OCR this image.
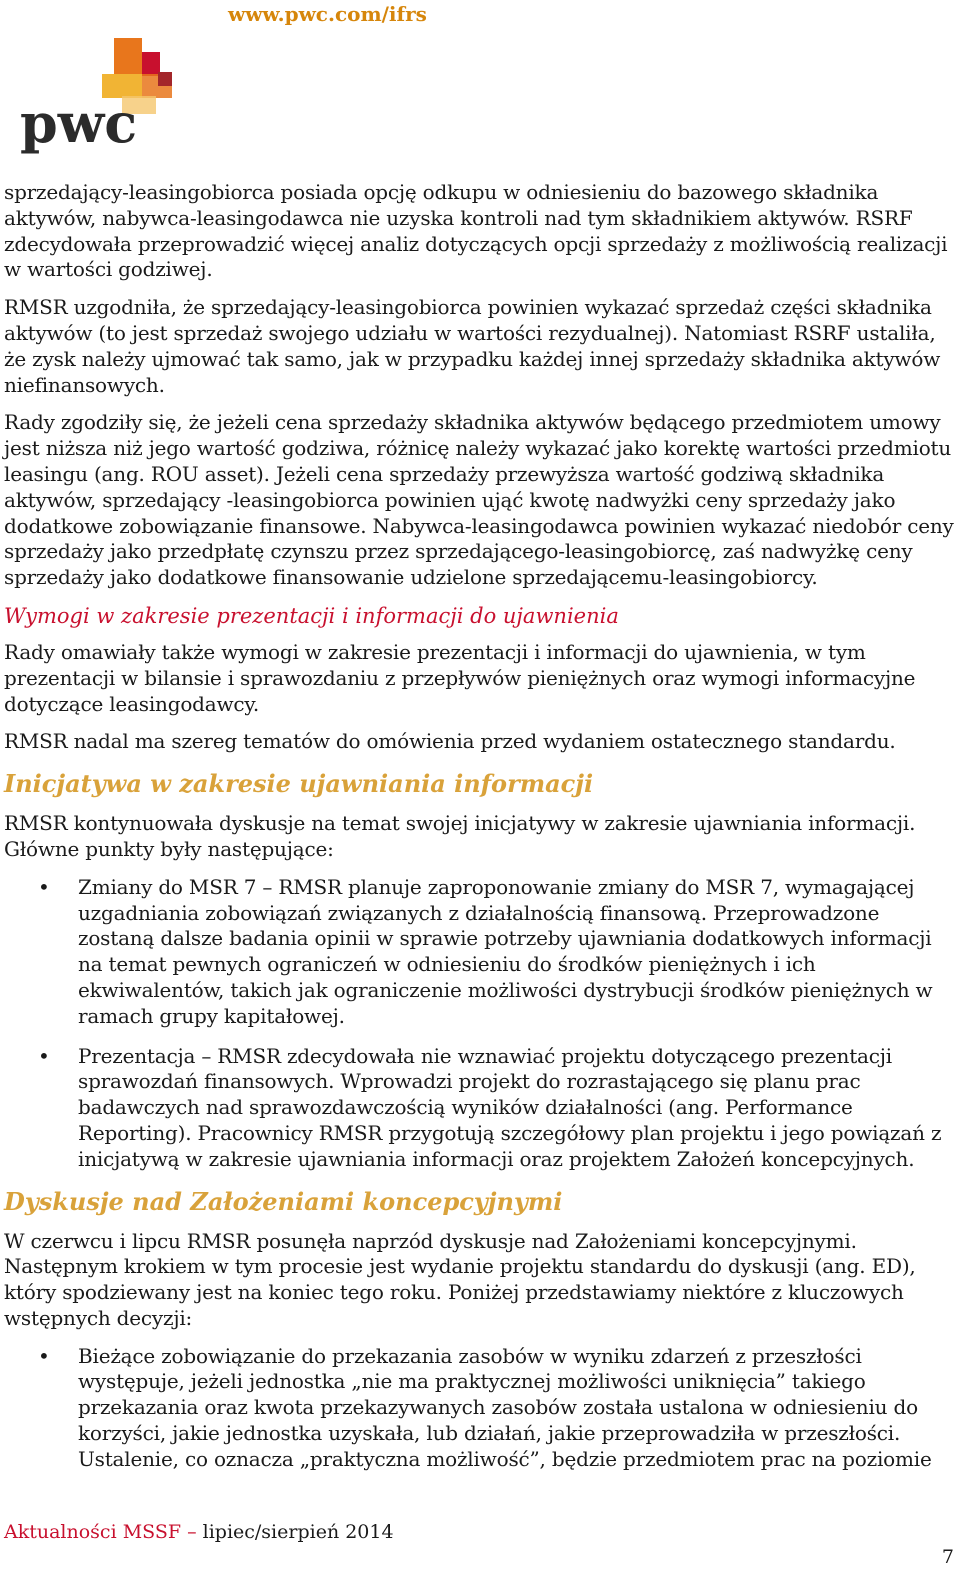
www.pwc.com/ifrs
pwc

sprzedający-leasingobiorca posiada opcję odkupu w odniesieniu do bazowego składnika aktywów, nabywca-leasingodawca nie uzyska kontroli nad tym składnikiem aktywów. RSRF zdecydowała przeprowadzić więcej analiz dotyczących opcji sprzedaży z możliwością realizacji w wartości godziwej.

RMSR uzgodniła, że sprzedający-leasingobiorca powinien wykazać sprzedaż części składnika aktywów (to jest sprzedaż swojego udziału w wartości rezydualnej). Natomiast RSRF ustaliła, że zysk należy ujmować tak samo, jak w przypadku każdej innej sprzedaży składnika aktywów niefinansowych.

Rady zgodziły się, że jeżeli cena sprzedaży składnika aktywów będącego przedmiotem umowy jest niższa niż jego wartość godziwa, różnicę należy wykazać jako korektę wartości przedmiotu leasingu (ang. ROU asset). Jeżeli cena sprzedaży przewyższa wartość godziwą składnika aktywów, sprzedający -leasingobiorca powinien ująć kwotę nadwyżki ceny sprzedaży jako dodatkowe zobowiązanie finansowe. Nabywca-leasingodawca powinien wykazać niedobór ceny sprzedaży jako przedpłatę czynszu przez sprzedającego-leasingobiorcę, zaś nadwyżkę ceny sprzedaży jako dodatkowe finansowanie udzielone sprzedającemu-leasingobiorcy.

Wymogi w zakresie prezentacji i informacji do ujawnienia

Rady omawiały także wymogi w zakresie prezentacji i informacji do ujawnienia, w tym prezentacji w bilansie i sprawozdaniu z przepływów pieniężnych oraz wymogi informacyjne dotyczące leasingodawcy.

RMSR nadal ma szereg tematów do omówienia przed wydaniem ostatecznego standardu.

Inicjatywa w zakresie ujawniania informacji

RMSR kontynuowała dyskusje na temat swojej inicjatywy w zakresie ujawniania informacji. Główne punkty były następujące:

• Zmiany do MSR 7 – RMSR planuje zaproponowanie zmiany do MSR 7, wymagającej uzgadniania zobowiązań związanych z działalnością finansową. Przeprowadzone zostaną dalsze badania opinii w sprawie potrzeby ujawniania dodatkowych informacji na temat pewnych ograniczeń w odniesieniu do środków pieniężnych i ich ekwiwalentów, takich jak ograniczenie możliwości dystrybucji środków pieniężnych w ramach grupy kapitałowej.
• Prezentacja – RMSR zdecydowała nie wznawiać projektu dotyczącego prezentacji sprawozdań finansowych. Wprowadzi projekt do rozrastającego się planu prac badawczych nad sprawozdawczością wyników działalności (ang. Performance Reporting). Pracownicy RMSR przygotują szczegółowy plan projektu i jego powiązań z inicjatywą w zakresie ujawniania informacji oraz projektem Założeń koncepcyjnych.
Dyskusje nad Założeniami koncepcyjnymi

W czerwcu i lipcu RMSR posunęła naprzód dyskusje nad Założeniami koncepcyjnymi. Następnym krokiem w tym procesie jest wydanie projektu standardu do dyskusji (ang. ED), który spodziewany jest na koniec tego roku. Poniżej przedstawiamy niektóre z kluczowych wstępnych decyzji:

• Bieżące zobowiązanie do przekazania zasobów w wyniku zdarzeń z przeszłości występuje, jeżeli jednostka „nie ma praktycznej możliwości uniknięcia” takiego przekazania oraz kwota przekazywanych zasobów została ustalona w odniesieniu do korzyści, jakie jednostka uzyskała, lub działań, jakie przeprowadziła w przeszłości. Ustalenie, co oznacza „praktyczna możliwość”, będzie przedmiotem prac na poziomie
Aktualności MSSF – lipiec/sierpień 2014
7
